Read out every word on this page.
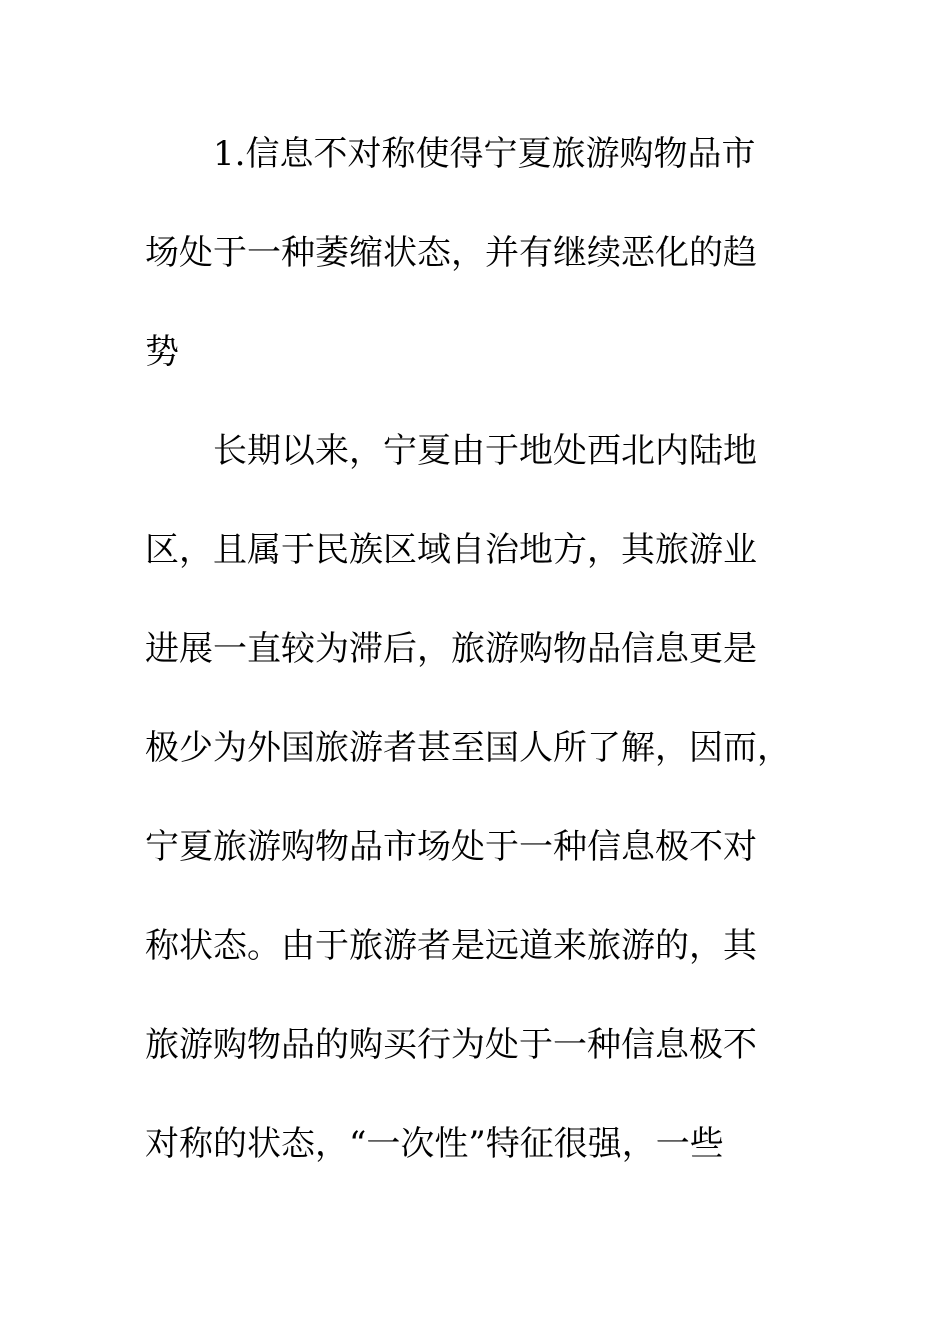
1.信息不对称使得宁夏旅游购物品市

场处于一种萎缩状态，并有继续恶化的趋

势

长期以来，宁夏由于地处西北内陆地

区，且属于民族区域自治地方，其旅游业

进展一直较为滞后，旅游购物品信息更是

极少为外国旅游者甚至国人所了解，因而，

宁夏旅游购物品市场处于一种信息极不对

称状态。由于旅游者是远道来旅游的，其

旅游购物品的购买行为处于一种信息极不

对称的状态，“一次性”特征很强，一些
